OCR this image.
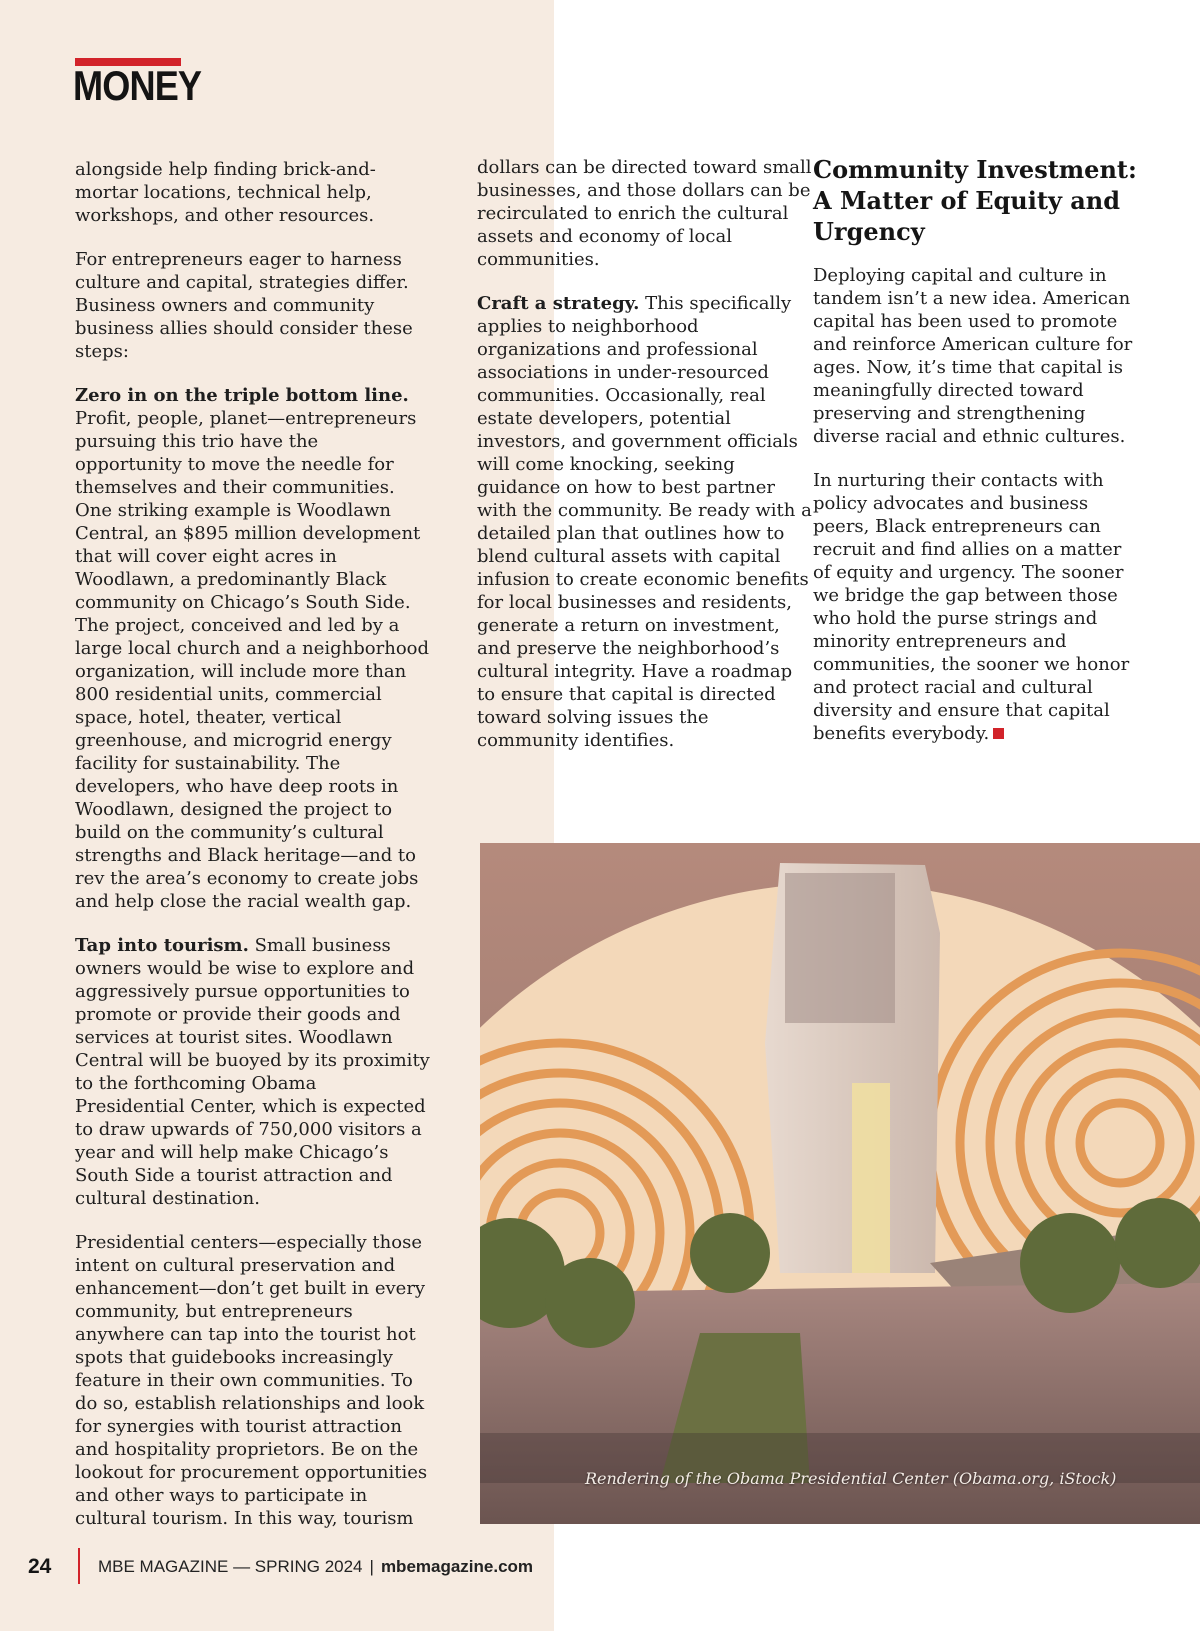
MONEY

alongside help finding brick-and-mortar locations, technical help, workshops, and other resources.

For entrepreneurs eager to harness culture and capital, strategies differ. Business owners and community business allies should consider these steps:

Zero in on the triple bottom line. Profit, people, planet—entrepreneurs pursuing this trio have the opportunity to move the needle for themselves and their communities. One striking example is Woodlawn Central, an $895 million development that will cover eight acres in Woodlawn, a predominantly Black community on Chicago’s South Side. The project, conceived and led by a large local church and a neighborhood organization, will include more than 800 residential units, commercial space, hotel, theater, vertical greenhouse, and microgrid energy facility for sustainability. The developers, who have deep roots in Woodlawn, designed the project to build on the community’s cultural strengths and Black heritage—and to rev the area’s economy to create jobs and help close the racial wealth gap.

Tap into tourism. Small business owners would be wise to explore and aggressively pursue opportunities to promote or provide their goods and services at tourist sites. Woodlawn Central will be buoyed by its proximity to the forthcoming Obama Presidential Center, which is expected to draw upwards of 750,000 visitors a year and will help make Chicago’s South Side a tourist attraction and cultural destination.

Presidential centers—especially those intent on cultural preservation and enhancement—don’t get built in every community, but entrepreneurs anywhere can tap into the tourist hot spots that guidebooks increasingly feature in their own communities. To do so, establish relationships and look for synergies with tourist attraction and hospitality proprietors. Be on the lookout for procurement opportunities and other ways to participate in cultural tourism. In this way, tourism

dollars can be directed toward small businesses, and those dollars can be recirculated to enrich the cultural assets and economy of local communities.

Craft a strategy. This specifically applies to neighborhood organizations and professional associations in under-resourced communities. Occasionally, real estate developers, potential investors, and government officials will come knocking, seeking guidance on how to best partner with the community. Be ready with a detailed plan that outlines how to blend cultural assets with capital infusion to create economic benefits for local businesses and residents, generate a return on investment, and preserve the neighborhood’s cultural integrity. Have a roadmap to ensure that capital is directed toward solving issues the community identifies.

Community Investment: A Matter of Equity and Urgency

Deploying capital and culture in tandem isn’t a new idea. American capital has been used to promote and reinforce American culture for ages. Now, it’s time that capital is meaningfully directed toward preserving and strengthening diverse racial and ethnic cultures.

In nurturing their contacts with policy advocates and business peers, Black entrepreneurs can recruit and find allies on a matter of equity and urgency. The sooner we bridge the gap between those who hold the purse strings and minority entrepreneurs and communities, the sooner we honor and protect racial and cultural diversity and ensure that capital benefits everybody.

Rendering of the Obama Presidential Center (Obama.org, iStock)
24	MBE MAGAZINE — SPRING 2024 | mbemagazine.com
